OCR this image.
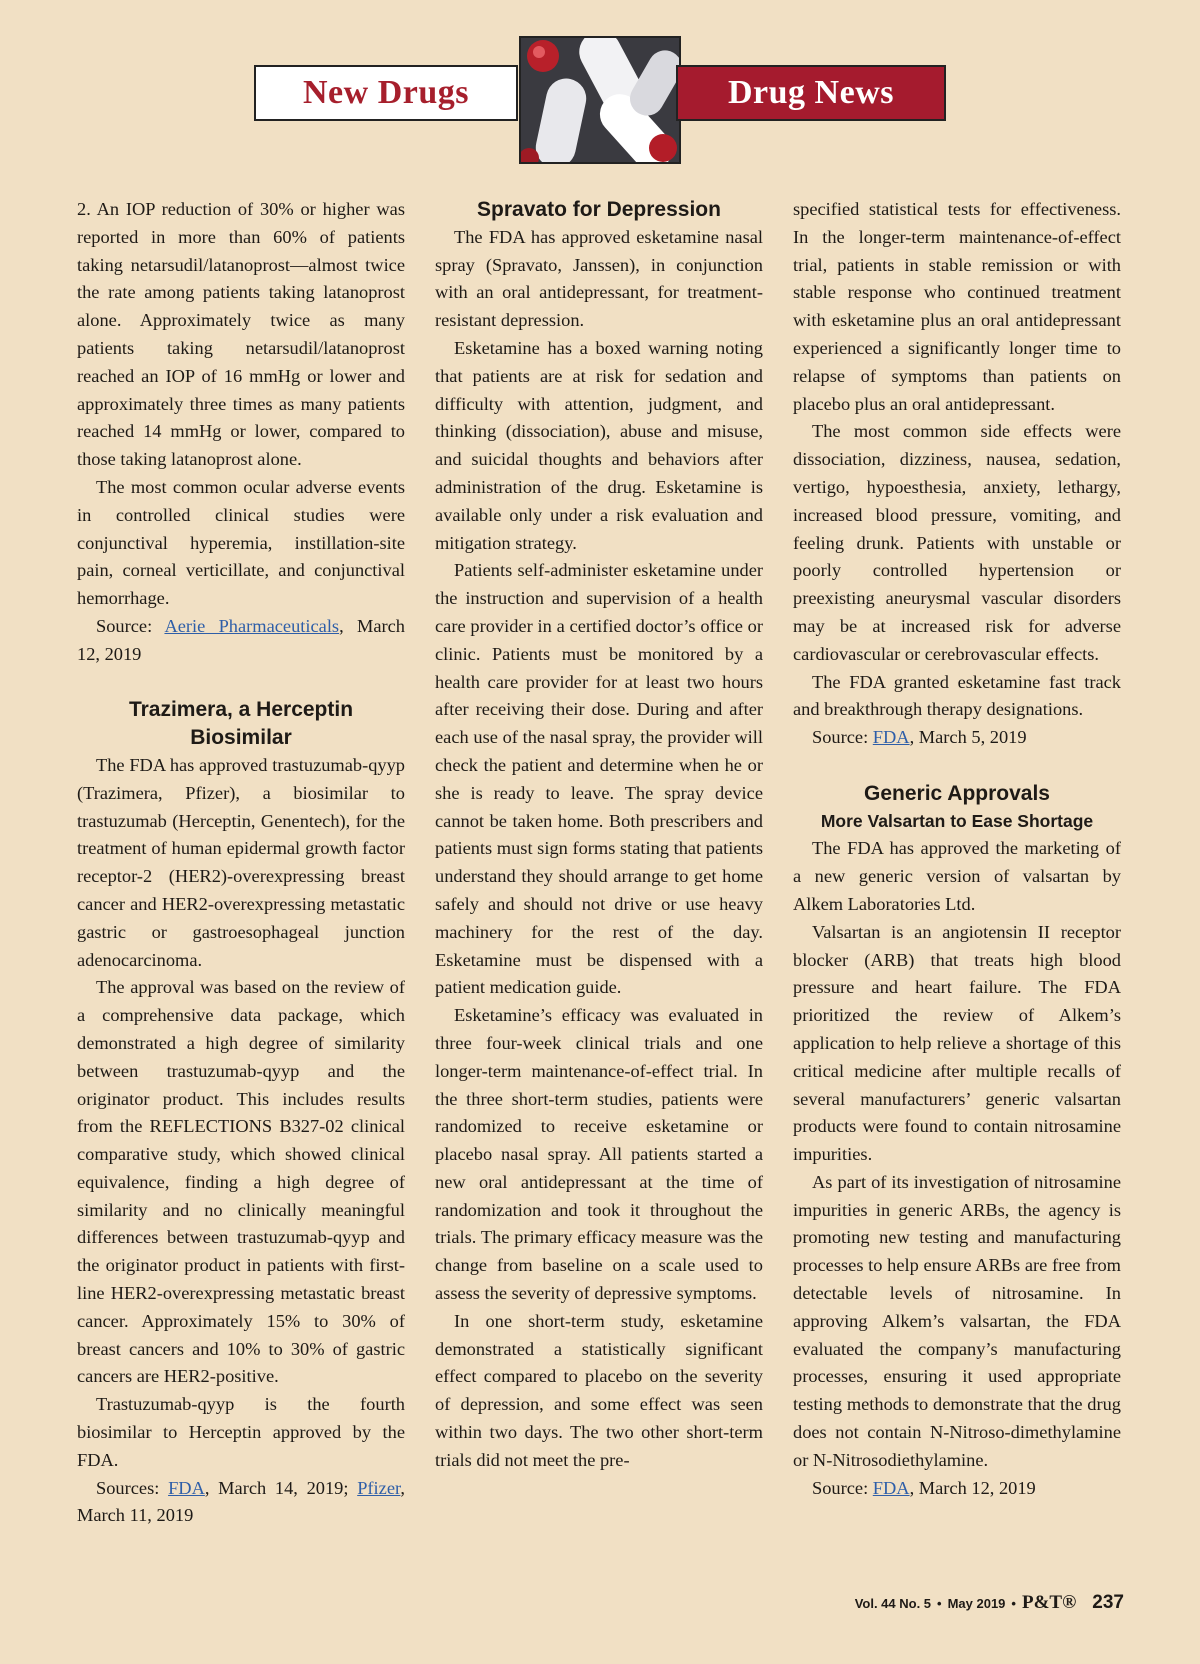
New Drugs	Drug News

2. An IOP reduction of 30% or higher was reported in more than 60% of patients taking netarsudil/latanoprost—almost twice the rate among patients taking latanoprost alone. Approximately twice as many patients taking netarsudil/latanoprost reached an IOP of 16 mmHg or lower and approximately three times as many patients reached 14 mmHg or lower, compared to those taking latanoprost alone.

The most common ocular adverse events in controlled clinical studies were conjunctival hyperemia, instillation-site pain, corneal verticillate, and conjunctival hemorrhage.

Source: Aerie Pharmaceuticals, March 12, 2019

Trazimera, a Herceptin Biosimilar

The FDA has approved trastuzumab-qyyp (Trazimera, Pfizer), a biosimilar to trastuzumab (Herceptin, Genentech), for the treatment of human epidermal growth factor receptor-2 (HER2)-overexpressing breast cancer and HER2-overexpressing metastatic gastric or gastroesophageal junction adenocarcinoma.

The approval was based on the review of a comprehensive data package, which demonstrated a high degree of similarity between trastuzumab-qyyp and the originator product. This includes results from the REFLECTIONS B327-02 clinical comparative study, which showed clinical equivalence, finding a high degree of similarity and no clinically meaningful differences between trastuzumab-qyyp and the originator product in patients with first-line HER2-overexpressing metastatic breast cancer. Approximately 15% to 30% of breast cancers and 10% to 30% of gastric cancers are HER2-positive.

Trastuzumab-qyyp is the fourth biosimilar to Herceptin approved by the FDA.

Sources: FDA, March 14, 2019; Pfizer, March 11, 2019

Spravato for Depression

The FDA has approved esketamine nasal spray (Spravato, Janssen), in conjunction with an oral antidepressant, for treatment-resistant depression.

Esketamine has a boxed warning noting that patients are at risk for sedation and difficulty with attention, judgment, and thinking (dissociation), abuse and misuse, and suicidal thoughts and behaviors after administration of the drug. Esketamine is available only under a risk evaluation and mitigation strategy.

Patients self-administer esketamine under the instruction and supervision of a health care provider in a certified doctor’s office or clinic. Patients must be monitored by a health care provider for at least two hours after receiving their dose. During and after each use of the nasal spray, the provider will check the patient and determine when he or she is ready to leave. The spray device cannot be taken home. Both prescribers and patients must sign forms stating that patients understand they should arrange to get home safely and should not drive or use heavy machinery for the rest of the day. Esketamine must be dispensed with a patient medication guide.

Esketamine’s efficacy was evaluated in three four-week clinical trials and one longer-term maintenance-of-effect trial. In the three short-term studies, patients were randomized to receive esketamine or placebo nasal spray. All patients started a new oral antidepressant at the time of randomization and took it throughout the trials. The primary efficacy measure was the change from baseline on a scale used to assess the severity of depressive symptoms.

In one short-term study, esketamine demonstrated a statistically significant effect compared to placebo on the severity of depression, and some effect was seen within two days. The two other short-term trials did not meet the pre-

specified statistical tests for effectiveness. In the longer-term maintenance-of-effect trial, patients in stable remission or with stable response who continued treatment with esketamine plus an oral antidepressant experienced a significantly longer time to relapse of symptoms than patients on placebo plus an oral antidepressant.

The most common side effects were dissociation, dizziness, nausea, sedation, vertigo, hypoesthesia, anxiety, lethargy, increased blood pressure, vomiting, and feeling drunk. Patients with unstable or poorly controlled hypertension or preexisting aneurysmal vascular disorders may be at increased risk for adverse cardiovascular or cerebrovascular effects.

The FDA granted esketamine fast track and breakthrough therapy designations.

Source: FDA, March 5, 2019

Generic Approvals
More Valsartan to Ease Shortage

The FDA has approved the marketing of a new generic version of valsartan by Alkem Laboratories Ltd.

Valsartan is an angiotensin II receptor blocker (ARB) that treats high blood pressure and heart failure. The FDA prioritized the review of Alkem’s application to help relieve a shortage of this critical medicine after multiple recalls of several manufacturers’ generic valsartan products were found to contain nitrosamine impurities.

As part of its investigation of nitrosamine impurities in generic ARBs, the agency is promoting new testing and manufacturing processes to help ensure ARBs are free from detectable levels of nitrosamine. In approving Alkem’s valsartan, the FDA evaluated the company’s manufacturing processes, ensuring it used appropriate testing methods to demonstrate that the drug does not contain N-Nitroso-dimethylamine or N-Nitrosodiethylamine.

Source: FDA, March 12, 2019

Vol. 44 No. 5 • May 2019 • P&T® 237
